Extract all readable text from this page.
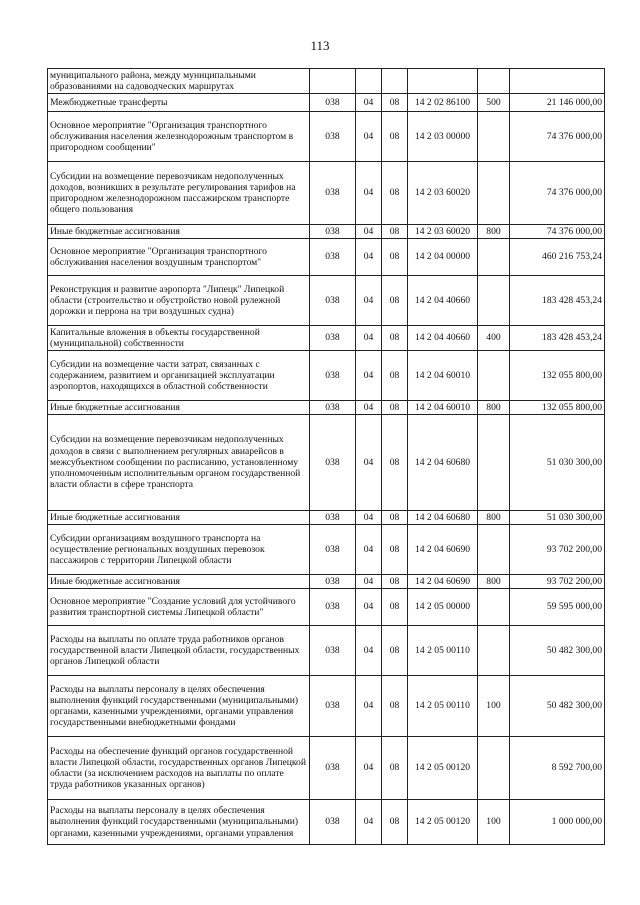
113
муниципального района, между муниципальными образованиями на садоводческих маршрутах						
Межбюджетные трансферты	038	04	08	14 2 02 86100	500	21 146 000,00
Основное мероприятие "Организация транспортного обслуживания населения железнодорожным транспортом в пригородном сообщении"	038	04	08	14 2 03 00000		74 376 000,00
Субсидии на возмещение перевозчикам недополученных доходов, возникших в результате регулирования тарифов на пригородном железнодорожном пассажирском транспорте общего пользования	038	04	08	14 2 03 60020		74 376 000,00
Иные бюджетные ассигнования	038	04	08	14 2 03 60020	800	74 376 000,00
Основное мероприятие "Организация транспортного обслуживания населения воздушным транспортом"	038	04	08	14 2 04 00000		460 216 753,24
Реконструкция и развитие аэропорта "Липецк" Липецкой области (строительство и обустройство новой рулежной дорожки и перрона на три воздушных судна)	038	04	08	14 2 04 40660		183 428 453,24
Капитальные вложения в объекты государственной (муниципальной) собственности	038	04	08	14 2 04 40660	400	183 428 453,24
Субсидии на возмещение части затрат, связанных с содержанием, развитием и организацией эксплуатации аэропортов, находящихся в областной собственности	038	04	08	14 2 04 60010		132 055 800,00
Иные бюджетные ассигнования	038	04	08	14 2 04 60010	800	132 055 800,00
Субсидии на возмещение перевозчикам недополученных доходов в связи с выполнением регулярных авиарейсов в межсубъектном сообщении по расписанию, установленному уполномоченным исполнительным органом государственной власти области в сфере транспорта	038	04	08	14 2 04 60680		51 030 300,00
Иные бюджетные ассигнования	038	04	08	14 2 04 60680	800	51 030 300,00
Субсидии организациям воздушного транспорта на осуществление региональных воздушных перевозок пассажиров с территории Липецкой области	038	04	08	14 2 04 60690		93 702 200,00
Иные бюджетные ассигнования	038	04	08	14 2 04 60690	800	93 702 200,00
Основное мероприятие "Создание условий для устойчивого развития транспортной системы Липецкой области"	038	04	08	14 2 05 00000		59 595 000,00
Расходы на выплаты по оплате труда работников органов государственной власти Липецкой области, государственных органов Липецкой области	038	04	08	14 2 05 00110		50 482 300,00
Расходы на выплаты персоналу в целях обеспечения выполнения функций государственными (муниципальными) органами, казенными учреждениями, органами управления государственными внебюджетными фондами	038	04	08	14 2 05 00110	100	50 482 300,00
Расходы на обеспечение функций органов государственной власти Липецкой области, государственных органов Липецкой области (за исключением расходов на выплаты по оплате труда работников указанных органов)	038	04	08	14 2 05 00120		8 592 700,00
Расходы на выплаты персоналу в целях обеспечения выполнения функций государственными (муниципальными) органами, казенными учреждениями, органами управления	038	04	08	14 2 05 00120	100	1 000 000,00
